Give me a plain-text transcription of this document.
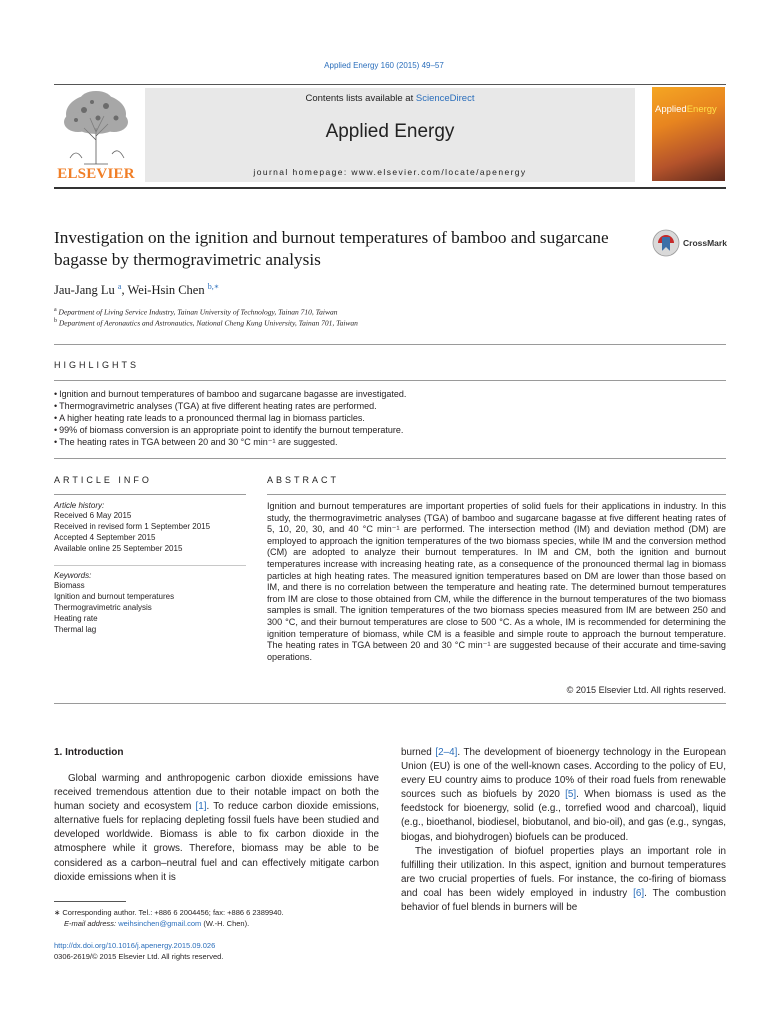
Applied Energy 160 (2015) 49–57
ELSEVIER
Contents lists available at ScienceDirect
Applied Energy
journal homepage: www.elsevier.com/locate/apenergy
AppliedEnergy
Investigation on the ignition and burnout temperatures of bamboo and sugarcane bagasse by thermogravimetric analysis
CrossMark
Jau-Jang Lu $^a$, Wei-Hsin Chen $^{b,∗}$
$^a$ Department of Living Service Industry, Tainan University of Technology, Tainan 710, Taiwan
$^b$ Department of Aeronautics and Astronautics, National Cheng Kung University, Tainan 701, Taiwan
HIGHLIGHTS
• Ignition and burnout temperatures of bamboo and sugarcane bagasse are investigated.
• Thermogravimetric analyses (TGA) at five different heating rates are performed.
• A higher heating rate leads to a pronounced thermal lag in biomass particles.
• 99% of biomass conversion is an appropriate point to identify the burnout temperature.
• The heating rates in TGA between 20 and 30 °C min⁻¹ are suggested.
ARTICLE INFO	ABSTRACT
Article history:
Received 6 May 2015
Received in revised form 1 September 2015
Accepted 4 September 2015
Available online 25 September 2015
Keywords:
Biomass
Ignition and burnout temperatures
Thermogravimetric analysis
Heating rate
Thermal lag
Ignition and burnout temperatures are important properties of solid fuels for their applications in industry. In this study, the thermogravimetric analyses (TGA) of bamboo and sugarcane bagasse at five different heating rates of 5, 10, 20, 30, and 40 °C min⁻¹ are performed. The intersection method (IM) and deviation method (DM) are employed to approach the ignition temperatures of the two biomass species, while IM and the conversion method (CM) are adopted to analyze their burnout temperatures. In IM and CM, both the ignition and burnout temperatures increase with increasing heating rate, as a consequence of the pronounced thermal lag in biomass particles at high heating rates. The measured ignition temperatures based on DM are lower than those based on IM, and there is no correlation between the temperature and heating rate. The determined burnout temperatures from IM are close to those obtained from CM, while the difference in the burnout temperatures of the two biomass samples is small. The ignition temperatures of the two biomass species measured from IM are between 250 and 300 °C, and their burnout temperatures are close to 500 °C. As a whole, IM is recommended for determining the ignition temperature of biomass, while CM is a feasible and simple route to approach the burnout temperature. The heating rates in TGA between 20 and 30 °C min⁻¹ are suggested because of their accurate and time-saving operations.
© 2015 Elsevier Ltd. All rights reserved.
1. Introduction

Global warming and anthropogenic carbon dioxide emissions have received tremendous attention due to their notable impact on both the human society and ecosystem [1]. To reduce carbon dioxide emissions, alternative fuels for replacing depleting fossil fuels have been studied and developed worldwide. Biomass is able to fix carbon dioxide in the atmosphere while it grows. Therefore, biomass may be able to be considered as a carbon–neutral fuel and can effectively mitigate carbon dioxide emissions when it is

burned [2–4]. The development of bioenergy technology in the European Union (EU) is one of the well-known cases. According to the policy of EU, every EU country aims to produce 10% of their road fuels from renewable sources such as biofuels by 2020 [5]. When biomass is used as the feedstock for bioenergy, solid (e.g., torrefied wood and charcoal), liquid (e.g., bioethanol, biodiesel, biobutanol, and bio-oil), and gas (e.g., syngas, biogas, and biohydrogen) biofuels can be produced.

The investigation of biofuel properties plays an important role in fulfilling their utilization. In this aspect, ignition and burnout temperatures are two crucial properties of fuels. For instance, the co-firing of biomass and coal has been widely employed in industry [6]. The combustion behavior of fuel blends in burners will be

∗ Corresponding author. Tel.: +886 6 2004456; fax: +886 6 2389940.
E-mail address: weihsinchen@gmail.com (W.-H. Chen).
http://dx.doi.org/10.1016/j.apenergy.2015.09.026
0306-2619/© 2015 Elsevier Ltd. All rights reserved.
